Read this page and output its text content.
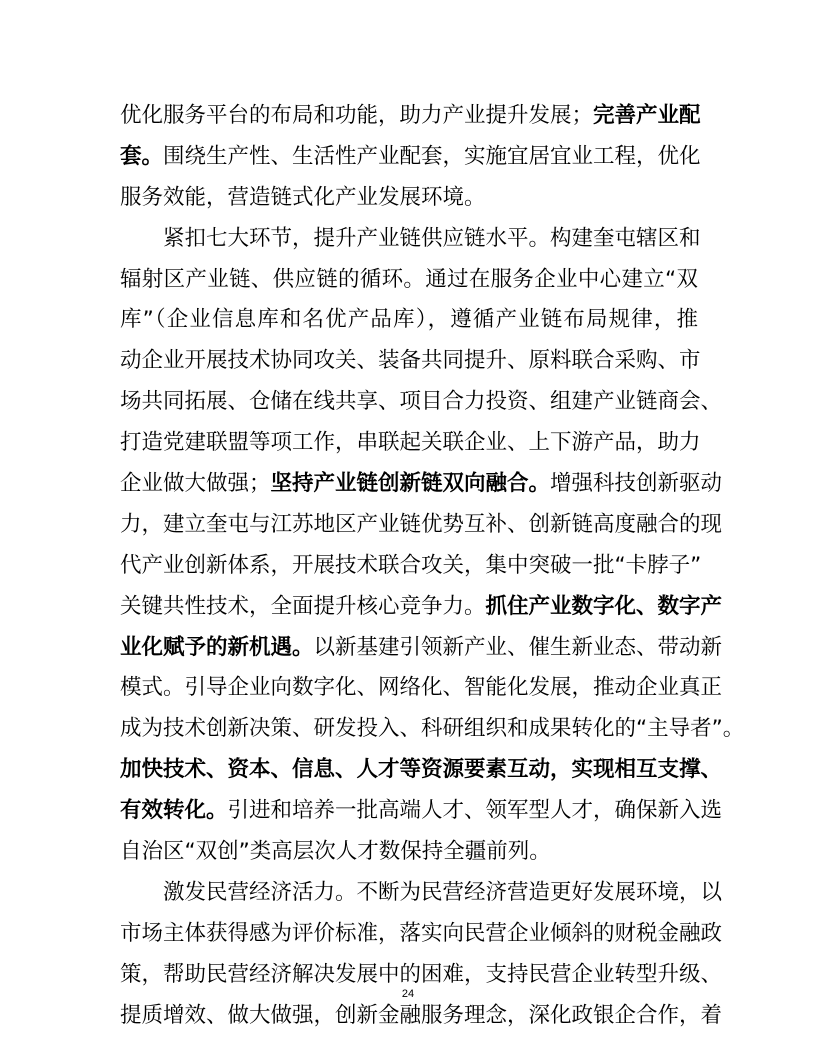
优化服务平台的布局和功能，助力产业提升发展；完善产业配
套。围绕生产性、生活性产业配套，实施宜居宜业工程，优化
服务效能，营造链式化产业发展环境。
紧扣七大环节，提升产业链供应链水平。构建奎屯辖区和
辐射区产业链、供应链的循环。通过在服务企业中心建立“双
库”（企业信息库和名优产品库），遵循产业链布局规律，推
动企业开展技术协同攻关、装备共同提升、原料联合采购、市
场共同拓展、仓储在线共享、项目合力投资、组建产业链商会、
打造党建联盟等项工作，串联起关联企业、上下游产品，助力
企业做大做强；坚持产业链创新链双向融合。增强科技创新驱动
力，建立奎屯与江苏地区产业链优势互补、创新链高度融合的现
代产业创新体系，开展技术联合攻关，集中突破一批“卡脖子”
关键共性技术，全面提升核心竞争力。抓住产业数字化、数字产
业化赋予的新机遇。以新基建引领新产业、催生新业态、带动新
模式。引导企业向数字化、网络化、智能化发展，推动企业真正
成为技术创新决策、研发投入、科研组织和成果转化的“主导者”。
加快技术、资本、信息、人才等资源要素互动，实现相互支撑、
有效转化。引进和培养一批高端人才、领军型人才，确保新入选
自治区“双创”类高层次人才数保持全疆前列。
激发民营经济活力。不断为民营经济营造更好发展环境，以
市场主体获得感为评价标准，落实向民营企业倾斜的财税金融政
策，帮助民营经济解决发展中的困难，支持民营企业转型升级、
提质增效、做大做强，创新金融服务理念，深化政银企合作，着
24
